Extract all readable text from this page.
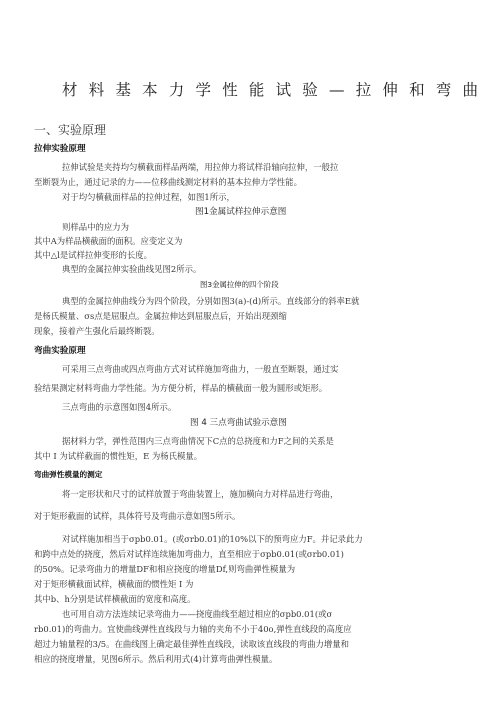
材料基本力学性能试验—拉伸和弯曲
一、实验原理
拉伸实验原理
拉伸试验是夹持均匀横截面样品两端，用拉伸力将试样沿轴向拉伸，一般拉
至断裂为止，通过记录的力——位移曲线测定材料的基本拉伸力学性能。
对于均匀横截面样品的拉伸过程，如图1所示，
图1金属试样拉伸示意图
则样品中的应力为
其中A为样品横截面的面积。应变定义为
其中△l是试样拉伸变形的长度。
典型的金属拉伸实验曲线见图2所示。
图3金属拉伸的四个阶段
典型的金属拉伸曲线分为四个阶段，分别如图3(a)-(d)所示。直线部分的斜率E就
是杨氏模量、σs点是屈服点。金属拉伸达到屈服点后，开始出现颈缩
现象，接着产生强化后最终断裂。
弯曲实验原理
可采用三点弯曲或四点弯曲方式对试样施加弯曲力，一般直至断裂，通过实
验结果测定材料弯曲力学性能。为方便分析，样品的横截面一般为圆形或矩形。
三点弯曲的示意图如图4所示。
图 4 三点弯曲试验示意图
据材料力学，弹性范围内三点弯曲情况下C点的总挠度和力F之间的关系是
其中 I 为试样截面的惯性矩，E 为杨氏模量。
弯曲弹性模量的测定
将一定形状和尺寸的试样放置于弯曲装置上，施加横向力对样品进行弯曲，
对于矩形截面的试样，具体符号及弯曲示意如图5所示。
对试样施加相当于σpb0.01。(或σrb0.01)的10%以下的预弯应力F。并记录此力
和跨中点处的挠度，然后对试样连续施加弯曲力，直至相应于σpb0.01(或σrb0.01)
的50%。记录弯曲力的增量DF和相应挠度的增量Df,则弯曲弹性模量为
对于矩形横截面试样，横截面的惯性矩 I 为
其中b、h分别是试样横截面的宽度和高度。
也可用自动方法连续记录弯曲力——挠度曲线至超过相应的σpb0.01(或σ
rb0.01)的弯曲力。宜使曲线弹性直线段与力轴的夹角不小于40o,弹性直线段的高度应
超过力轴量程的3/5。在曲线图上确定最佳弹性直线段，读取该直线段的弯曲力增量和
相应的挠度增量，见图6所示。然后利用式(4)计算弯曲弹性模量。
